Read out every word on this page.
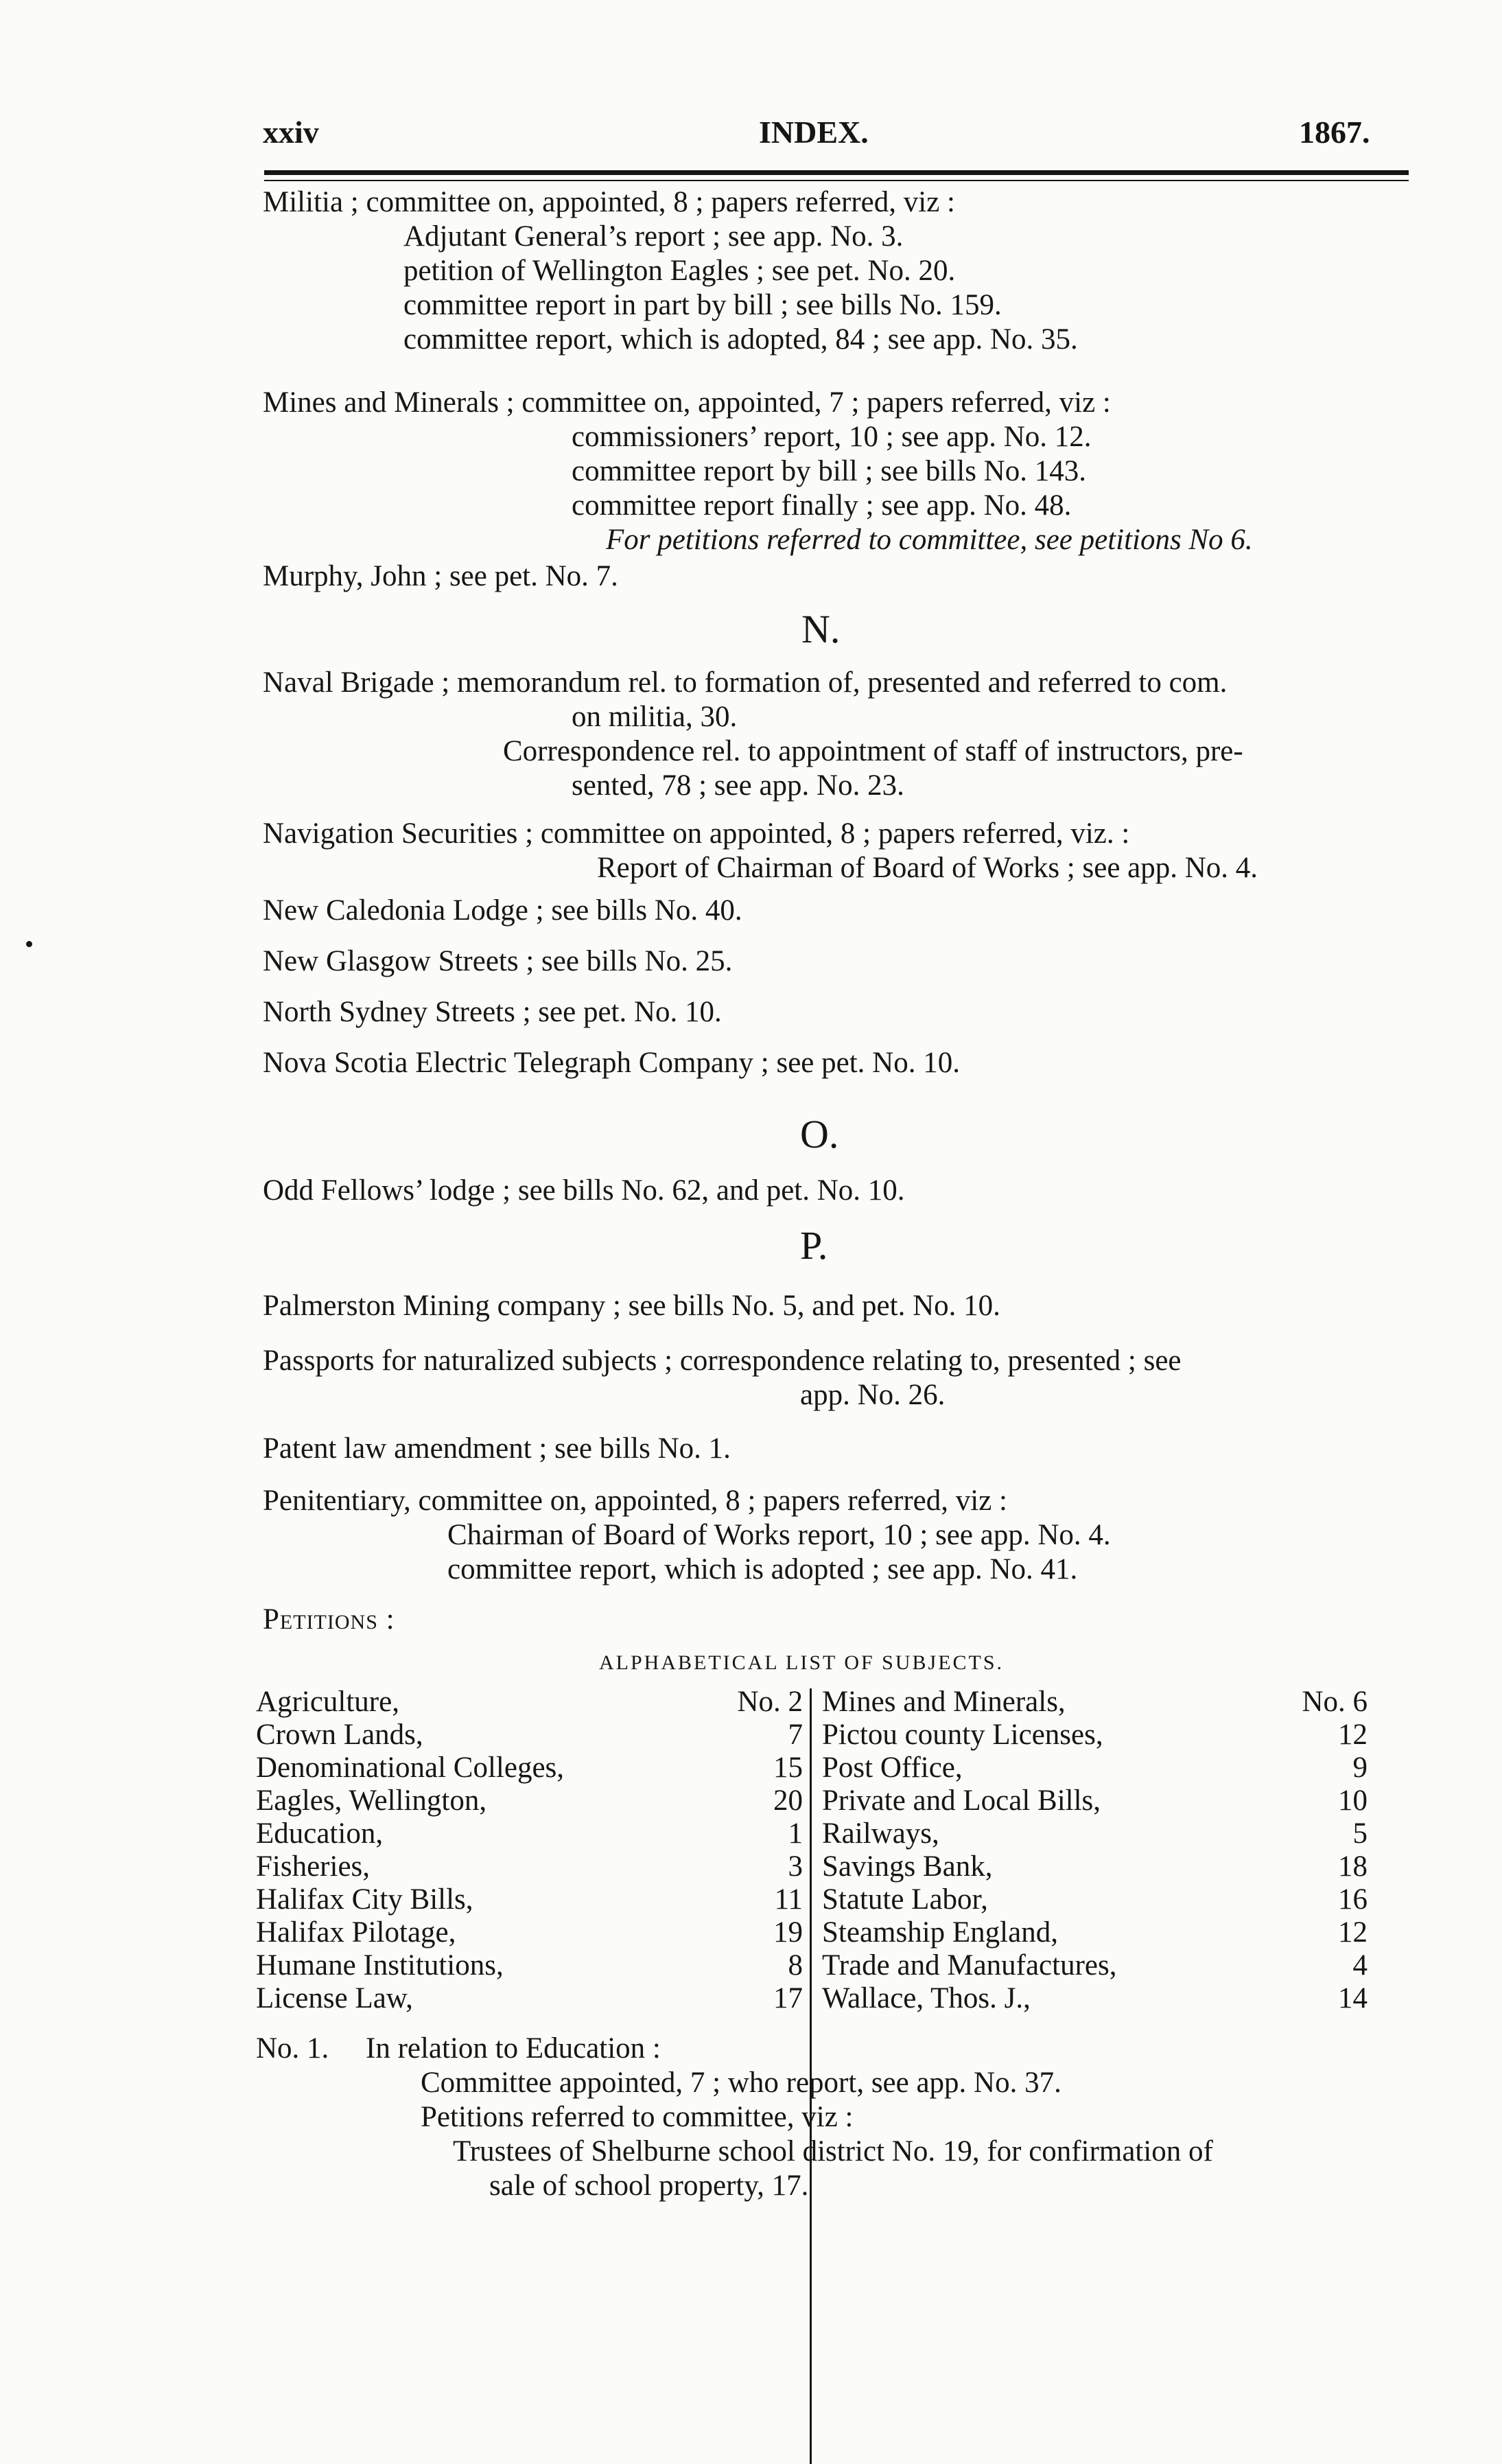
xxiv	INDEX.	1867.
Militia ; committee on, appointed, 8 ; papers referred, viz :
Adjutant General’s report ; see app. No. 3.
petition of Wellington Eagles ; see pet. No. 20.
committee report in part by bill ; see bills No. 159.
committee report, which is adopted, 84 ; see app. No. 35.
Mines and Minerals ; committee on, appointed, 7 ; papers referred, viz :
commissioners’ report, 10 ; see app. No. 12.
committee report by bill ; see bills No. 143.
committee report finally ; see app. No. 48.
For petitions referred to committee, see petitions No 6.
Murphy, John ; see pet. No. 7.
N.
Naval Brigade ; memorandum rel. to formation of, presented and referred to com.
on militia, 30.
Correspondence rel. to appointment of staff of instructors, pre-
sented, 78 ; see app. No. 23.
Navigation Securities ; committee on appointed, 8 ; papers referred, viz. :
Report of Chairman of Board of Works ; see app. No. 4.
New Caledonia Lodge ; see bills No. 40.
New Glasgow Streets ; see bills No. 25.
North Sydney Streets ; see pet. No. 10.
Nova Scotia Electric Telegraph Company ; see pet. No. 10.
O.
Odd Fellows’ lodge ; see bills No. 62, and pet. No. 10.
P.
Palmerston Mining company ; see bills No. 5, and pet. No. 10.
Passports for naturalized subjects ; correspondence relating to, presented ; see
app. No. 26.
Patent law amendment ; see bills No. 1.
Penitentiary, committee on, appointed, 8 ; papers referred, viz :
Chairman of Board of Works report, 10 ; see app. No. 4.
committee report, which is adopted ; see app. No. 41.
Petitions :
ALPHABETICAL LIST OF SUBJECTS.
Agriculture,
Crown Lands,
Denominational Colleges,
Eagles, Wellington,
Education,
Fisheries,
Halifax City Bills,
Halifax Pilotage,
Humane Institutions,
License Law,
No. 2
7
15
20
1
3
11
19
8
17
Mines and Minerals,
Pictou county Licenses,
Post Office,
Private and Local Bills,
Railways,
Savings Bank,
Statute Labor,
Steamship England,
Trade and Manufactures,
Wallace, Thos. J.,
No. 6
12
9
10
5
18
16
12
4
14
No. 1. In relation to Education :
Committee appointed, 7 ; who report, see app. No. 37.
Petitions referred to committee, viz :
Trustees of Shelburne school district No. 19, for confirmation of
sale of school property, 17.
